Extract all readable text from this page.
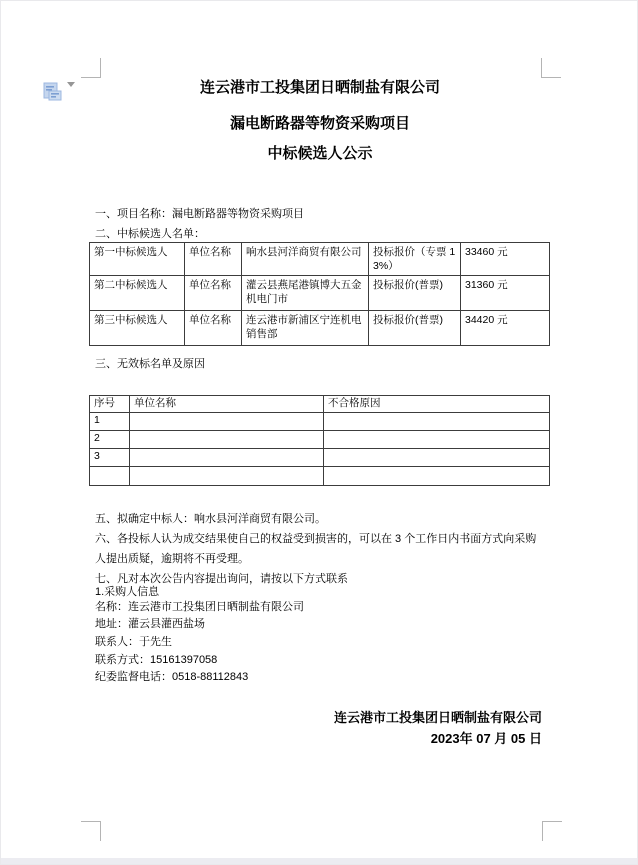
连云港市工投集团日晒制盐有限公司
漏电断路器等物资采购项目
中标候选人公示
一、项目名称：漏电断路器等物资采购项目
二、中标候选人名单：
第一中标候选人	单位名称	响水县河洋商贸有限公司	投标报价（专票 13%）	33460 元
第二中标候选人	单位名称	灌云县燕尾港镇博大五金机电门市	投标报价(普票)	31360 元
第三中标候选人	单位名称	连云港市新浦区宁连机电销售部	投标报价(普票)	34420 元
三、无效标名单及原因
序号	单位名称	不合格原因
1		
2		
3		

五、拟确定中标人：响水县河洋商贸有限公司。
六、各投标人认为成交结果使自己的权益受到损害的，可以在 3 个工作日内书面方式向采购
人提出质疑，逾期将不再受理。
七、凡对本次公告内容提出询问，请按以下方式联系
1.采购人信息
名称：连云港市工投集团日晒制盐有限公司
地址：灌云县灌西盐场
联系人：于先生
联系方式：15161397058
纪委监督电话：0518-88112843
连云港市工投集团日晒制盐有限公司
2023年 07 月 05 日
